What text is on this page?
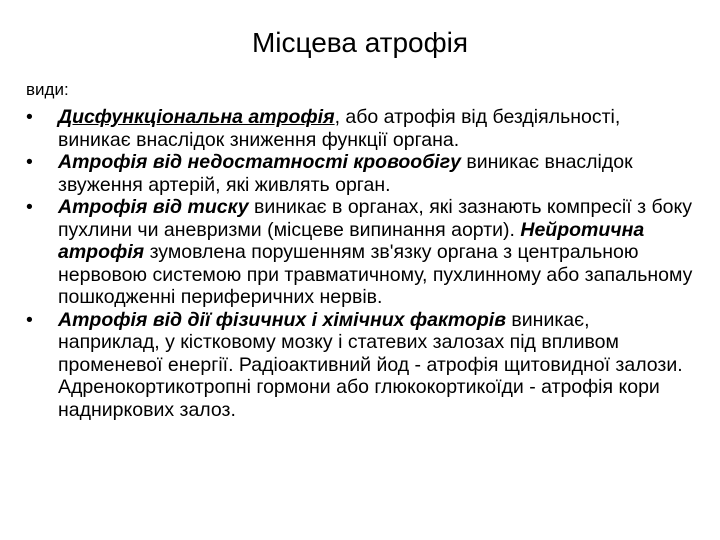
Місцева атрофія
види:
•	Дисфункціональна атрофія, або атрофія від бездіяльності, виникає внаслідок зниження функції органа.
•	Атрофія від недостатності кровообігу виникає внаслідок звуження артерій, які живлять орган.
•	Атрофія від тиску виникає в органах, які зазнають компресії з боку пухлини чи аневризми (місцеве випинання аорти). Нейротична атрофія зумовлена порушенням зв'язку органа з центральною нервовою системою при травматичному, пухлинному або запальному пошкодженні периферичних нервів.
•	Атрофія від дії фізичних і хімічних факторів виникає, наприклад, у кістковому мозку і статевих залозах під впливом променевої енергії. Радіоактивний йод - атрофія щитовидної залози. Адренокортикотропні гормони або глюкокортикоїди - атрофія кори надниркових залоз.
